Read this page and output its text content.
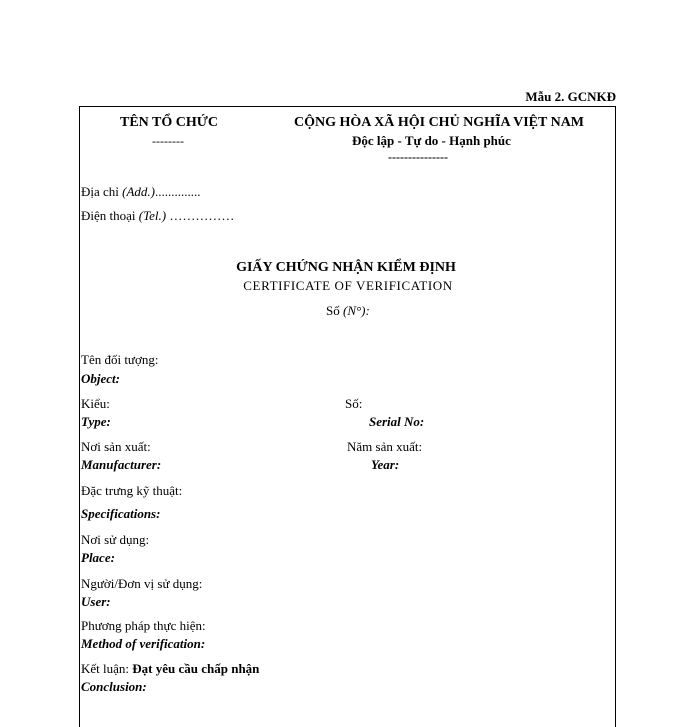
Mẫu 2. GCNKĐ
TÊN TỔ CHỨC
--------
CỘNG HÒA XÃ HỘI CHỦ NGHĨA VIỆT NAM
Độc lập - Tự do - Hạnh phúc
---------------
Địa chỉ (Add.)..............
Điện thoại (Tel.) ……………
GIẤY CHỨNG NHẬN KIỂM ĐỊNH
CERTIFICATE OF VERIFICATION
Số (N°):
Tên đối tượng:
Object:
Kiểu:
Type:
Số:
Serial No:
Nơi sản xuất:
Manufacturer:
Năm sản xuất:
Year:
Đặc trưng kỹ thuật:
Specifications:
Nơi sử dụng:
Place:
Người/Đơn vị sử dụng:
User:
Phương pháp thực hiện:
Method of verification:
Kết luận: Đạt yêu cầu chấp nhận
Conclusion:
